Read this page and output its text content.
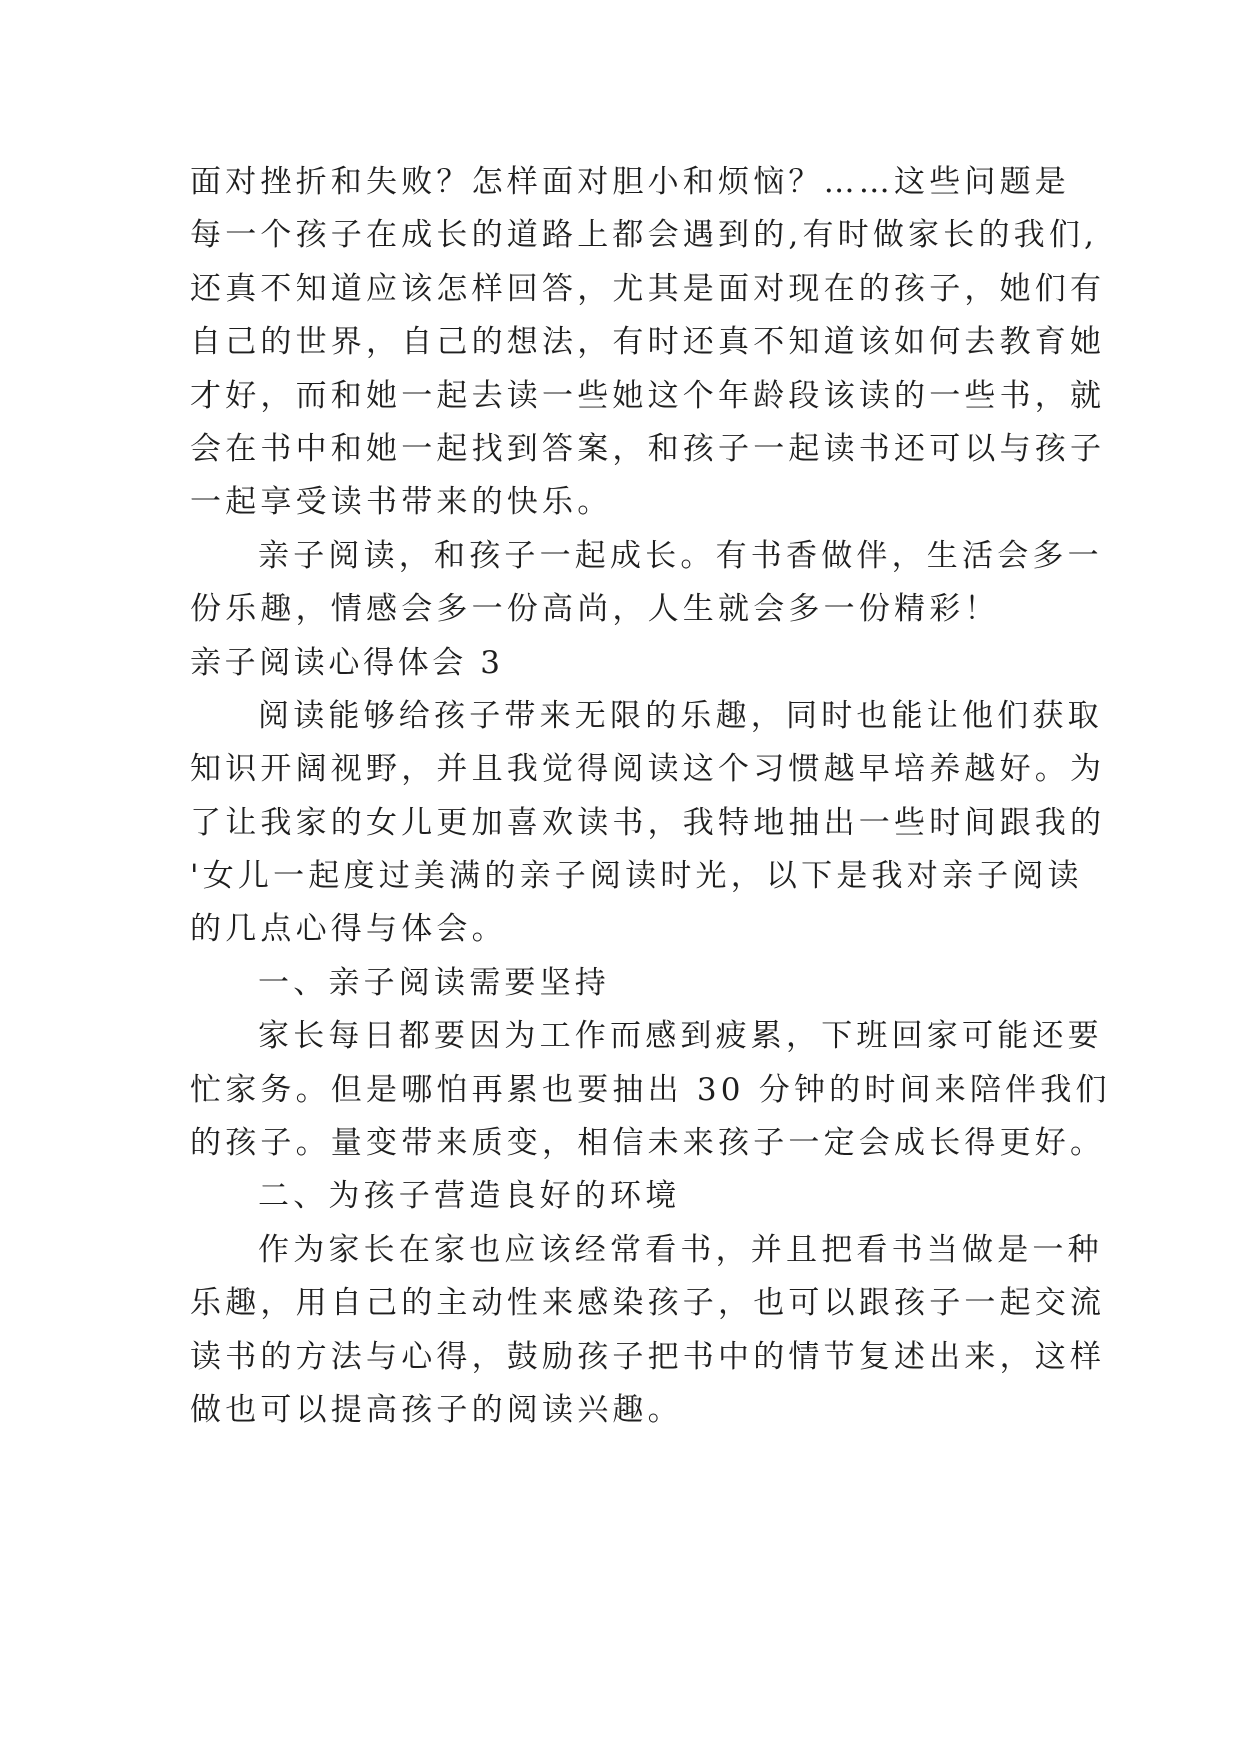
面对挫折和失败？怎样面对胆小和烦恼？……这些问题是
每一个孩子在成长的道路上都会遇到的,有时做家长的我们,
还真不知道应该怎样回答，尤其是面对现在的孩子，她们有
自己的世界，自己的想法，有时还真不知道该如何去教育她
才好，而和她一起去读一些她这个年龄段该读的一些书，就
会在书中和她一起找到答案，和孩子一起读书还可以与孩子
一起享受读书带来的快乐。
亲子阅读，和孩子一起成长。有书香做伴，生活会多一
份乐趣，情感会多一份高尚，人生就会多一份精彩！
亲子阅读心得体会 3
阅读能够给孩子带来无限的乐趣，同时也能让他们获取
知识开阔视野，并且我觉得阅读这个习惯越早培养越好。为
了让我家的女儿更加喜欢读书，我特地抽出一些时间跟我的
'女儿一起度过美满的亲子阅读时光，以下是我对亲子阅读
的几点心得与体会。
一、亲子阅读需要坚持
家长每日都要因为工作而感到疲累，下班回家可能还要
忙家务。但是哪怕再累也要抽出 30 分钟的时间来陪伴我们
的孩子。量变带来质变，相信未来孩子一定会成长得更好。
二、为孩子营造良好的环境
作为家长在家也应该经常看书，并且把看书当做是一种
乐趣，用自己的主动性来感染孩子，也可以跟孩子一起交流
读书的方法与心得，鼓励孩子把书中的情节复述出来，这样
做也可以提高孩子的阅读兴趣。
